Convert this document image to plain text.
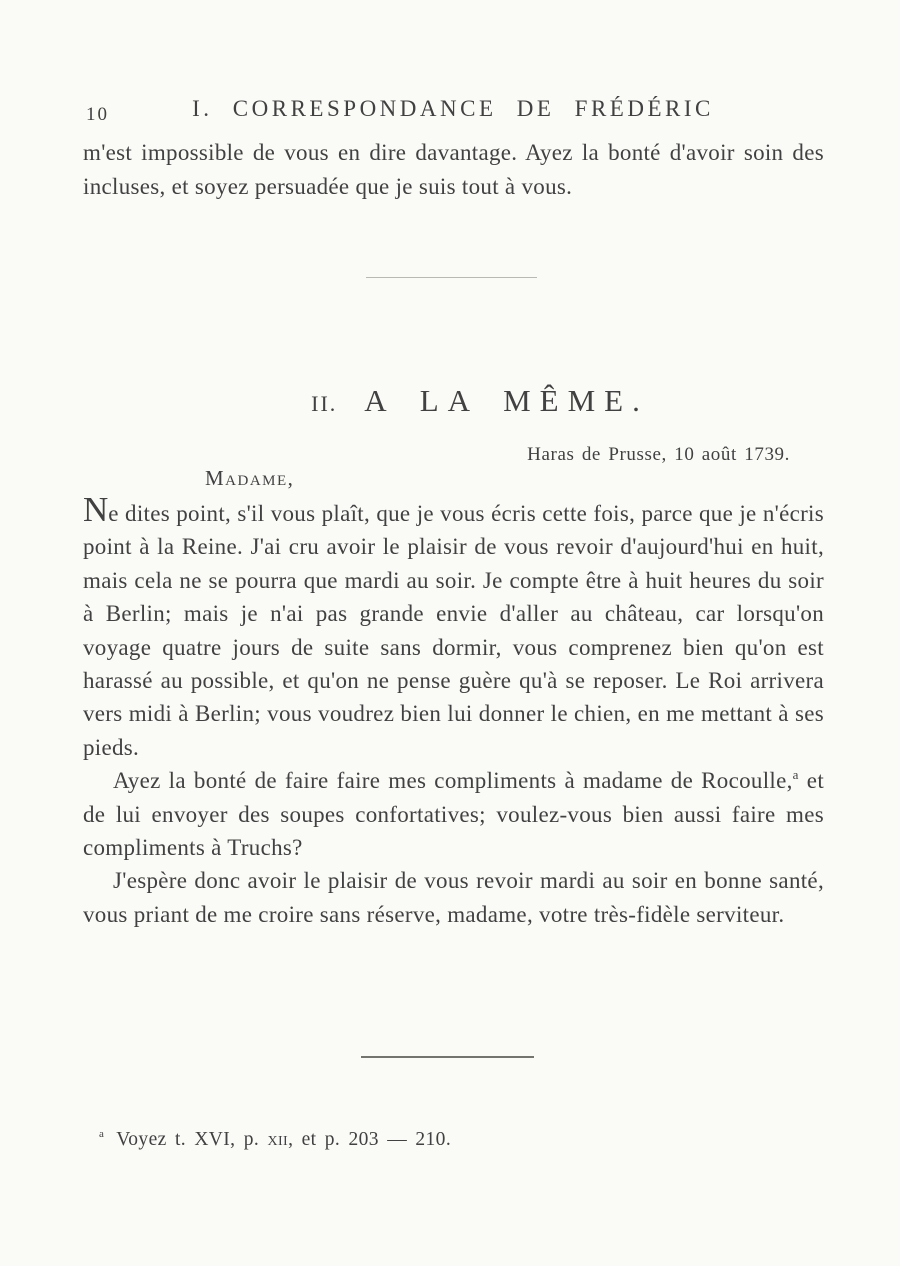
10	I. CORRESPONDANCE DE FRÉDÉRIC

m'est impossible de vous en dire davantage. Ayez la bonté d'avoir soin des incluses, et soyez persuadée que je suis tout à vous.

II. A LA MÊME.
Haras de Prusse, 10 août 1739.
Madame,

Ne dites point, s'il vous plaît, que je vous écris cette fois, parce que je n'écris point à la Reine. J'ai cru avoir le plaisir de vous revoir d'aujourd'hui en huit, mais cela ne se pourra que mardi au soir. Je compte être à huit heures du soir à Berlin; mais je n'ai pas grande envie d'aller au château, car lorsqu'on voyage quatre jours de suite sans dormir, vous comprenez bien qu'on est harassé au possible, et qu'on ne pense guère qu'à se reposer. Le Roi arrivera vers midi à Berlin; vous voudrez bien lui donner le chien, en me mettant à ses pieds.

Ayez la bonté de faire faire mes compliments à madame de Rocoulle,$^a$ et de lui envoyer des soupes confortatives; voulez-vous bien aussi faire mes compliments à Truchs?

J'espère donc avoir le plaisir de vous revoir mardi au soir en bonne santé, vous priant de me croire sans réserve, madame, votre très-fidèle serviteur.

$^a$ Voyez t. XVI, p. xii, et p. 203 — 210.
